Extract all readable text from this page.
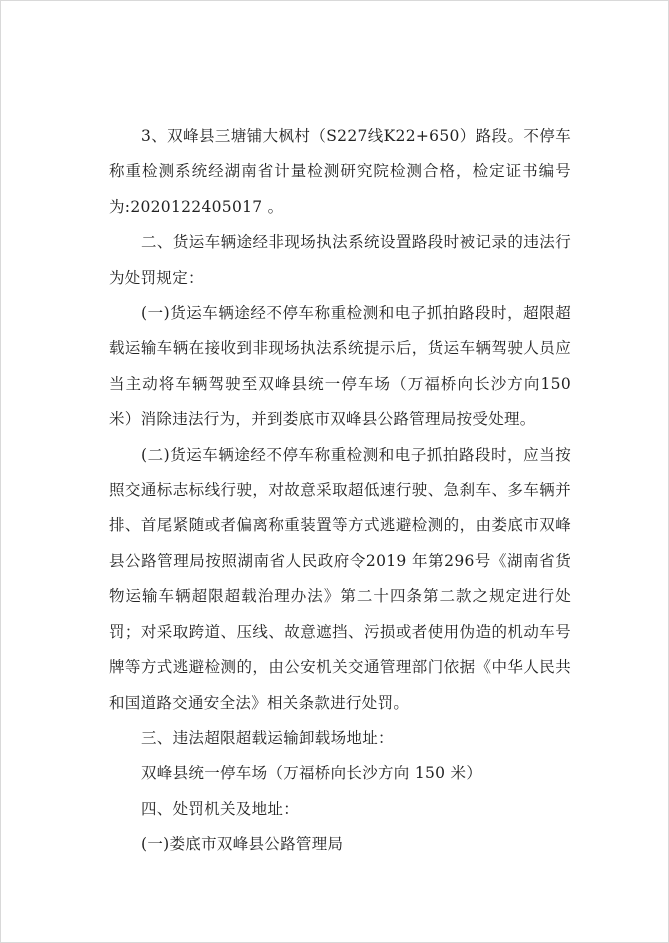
3、双峰县三塘铺大枫村（S227线K22+650）路段。不停车称重检测系统经湖南省计量检测研究院检测合格，检定证书编号为:2020122405017 。

二、货运车辆途经非现场执法系统设置路段时被记录的违法行为处罚规定：

(一)货运车辆途经不停车称重检测和电子抓拍路段时，超限超载运输车辆在接收到非现场执法系统提示后，货运车辆驾驶人员应当主动将车辆驾驶至双峰县统一停车场（万福桥向长沙方向150 米）消除违法行为，并到娄底市双峰县公路管理局按受处理。

(二)货运车辆途经不停车称重检测和电子抓拍路段时，应当按照交通标志标线行驶，对故意采取超低速行驶、急刹车、多车辆并排、首尾紧随或者偏离称重装置等方式逃避检测的，由娄底市双峰县公路管理局按照湖南省人民政府令2019 年第296号《湖南省货物运输车辆超限超载治理办法》第二十四条第二款之规定进行处罚；对采取跨道、压线、故意遮挡、污损或者使用伪造的机动车号牌等方式逃避检测的，由公安机关交通管理部门依据《中华人民共和国道路交通安全法》相关条款进行处罚。

三、违法超限超载运输卸载场地址：

双峰县统一停车场（万福桥向长沙方向 150 米）

四、处罚机关及地址：

(一)娄底市双峰县公路管理局
